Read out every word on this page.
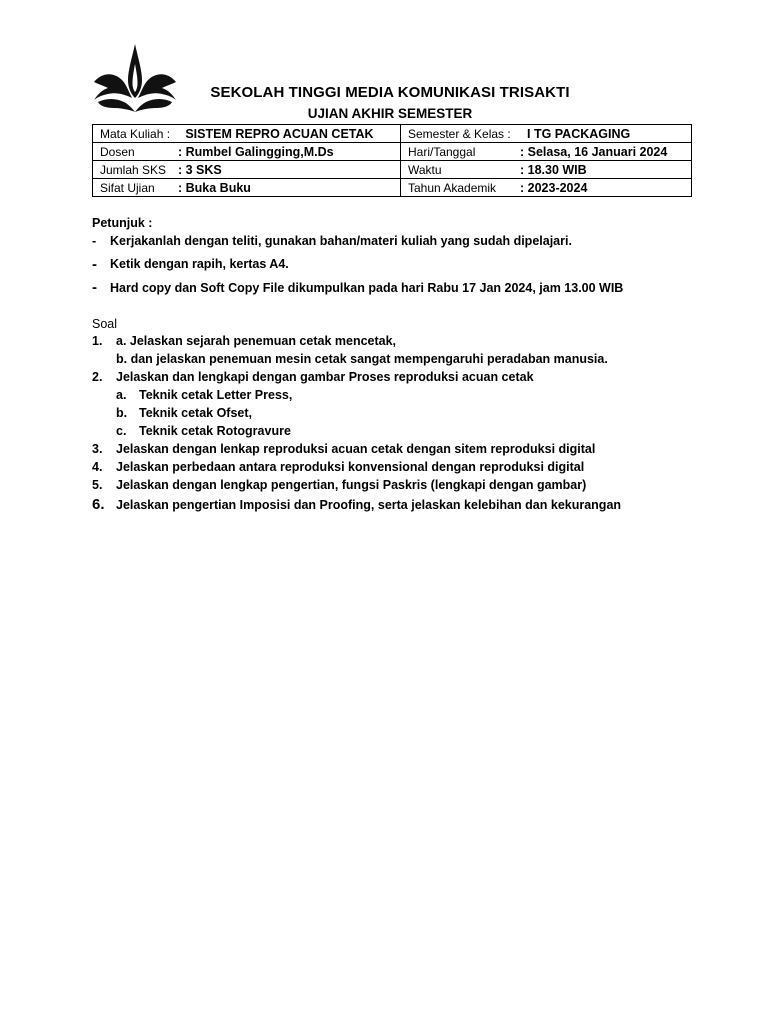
SEKOLAH TINGGI MEDIA KOMUNIKASI TRISAKTI
UJIAN AKHIR SEMESTER
Mata Kuliah : SISTEM REPRO ACUAN CETAK	Semester & Kelas : I TG PACKAGING
Dosen : Rumbel Galingging,M.Ds	Hari/Tanggal : Selasa, 16 Januari 2024
Jumlah SKS : 3 SKS	Waktu : 18.30 WIB
Sifat Ujian : Buka Buku	Tahun Akademik : 2023-2024
Petunjuk :
- Kerjakanlah dengan teliti, gunakan bahan/materi kuliah yang sudah dipelajari.
- Ketik dengan rapih, kertas A4.
- Hard copy dan Soft Copy File dikumpulkan pada hari Rabu 17 Jan 2024, jam 13.00 WIB
Soal
1. a. Jelaskan sejarah penemuan cetak mencetak,
b. dan jelaskan penemuan mesin cetak sangat mempengaruhi peradaban manusia.
2. Jelaskan dan lengkapi dengan gambar Proses reproduksi acuan cetak
a. Teknik cetak Letter Press,
b. Teknik cetak Ofset,
c. Teknik cetak Rotogravure
3. Jelaskan dengan lenkap reproduksi acuan cetak dengan sitem reproduksi digital
4. Jelaskan perbedaan antara reproduksi konvensional dengan reproduksi digital
5. Jelaskan dengan lengkap pengertian, fungsi Paskris (lengkapi dengan gambar)
6. Jelaskan pengertian Imposisi dan Proofing, serta jelaskan kelebihan dan kekurangan
